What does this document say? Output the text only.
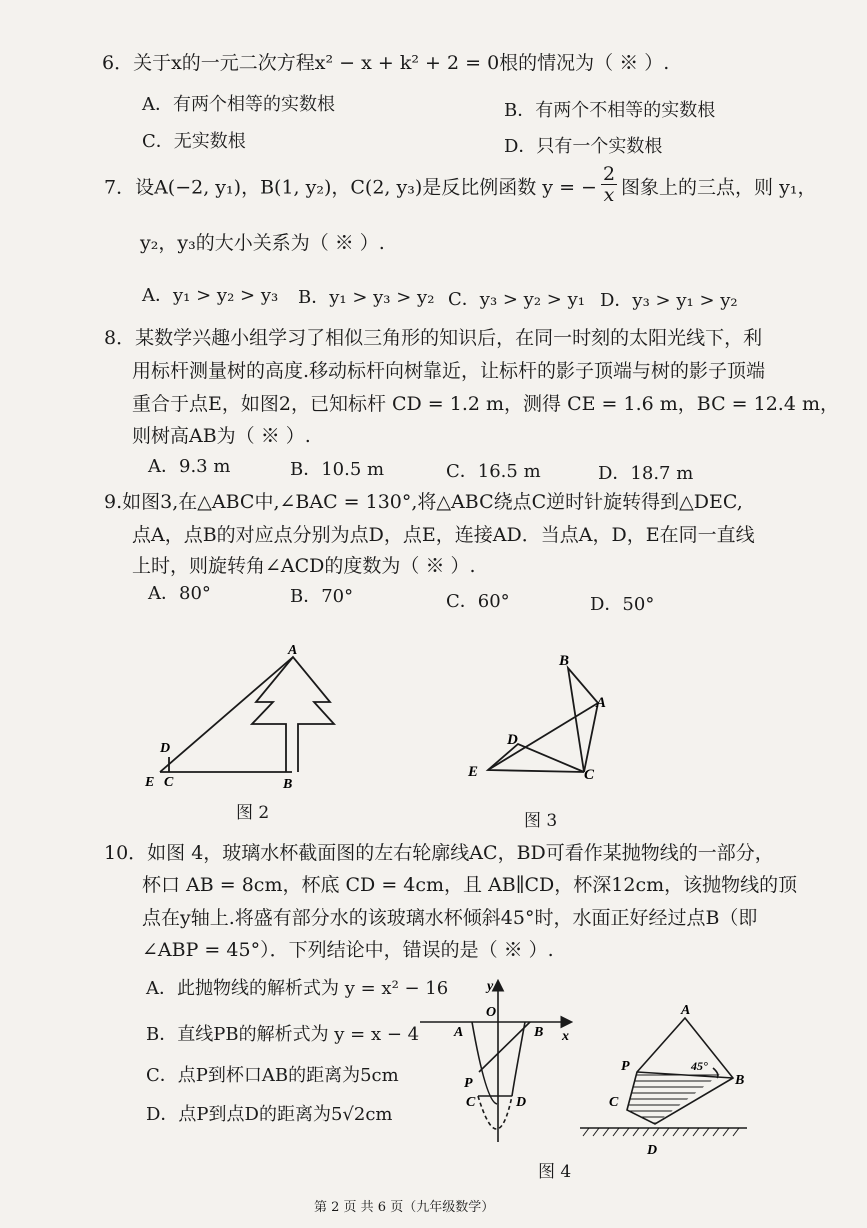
6．关于x的一元二次方程x² − x + k² + 2 = 0根的情况为（ ※ ）.
A．有两个相等的实数根	B．有两个不相等的实数根
C．无实数根	D．只有一个实数根
7．设A(−2, y₁)，B(1, y₂)，C(2, y₃)是反比例函数 y = − $\frac{2}{x}$ 图象上的三点，则 y₁，
y₂，y₃的大小关系为（ ※ ）.
A．y₁ > y₂ > y₃ B．y₁ > y₃ > y₂ C．y₃ > y₂ > y₁ D．y₃ > y₁ > y₂
8．某数学兴趣小组学习了相似三角形的知识后，在同一时刻的太阳光线下，利
用标杆测量树的高度.移动标杆向树靠近，让标杆的影子顶端与树的影子顶端
重合于点E，如图2，已知标杆 CD = 1.2 m，测得 CE = 1.6 m，BC = 12.4 m，
则树高AB为（ ※ ）.
A．9.3 m	B．10.5 m	C．16.5 m	D．18.7 m
9.如图3,在△ABC中,∠BAC = 130°,将△ABC绕点C逆时针旋转得到△DEC,
点A，点B的对应点分别为点D，点E，连接AD．当点A，D，E在同一直线
上时，则旋转角∠ACD的度数为（ ※ ）.
A．80°	B．70°	C．60°	D．50°
A
D
E C	B
图 2
B
A
D
E	C
图 3
10．如图 4，玻璃水杯截面图的左右轮廓线AC，BD可看作某抛物线的一部分，
杯口 AB = 8cm，杯底 CD = 4cm，且 AB∥CD，杯深12cm，该抛物线的顶
点在y轴上.将盛有部分水的该玻璃水杯倾斜45°时，水面正好经过点B（即
∠ABP = 45°）．下列结论中，错误的是（ ※ ）.
A．此抛物线的解析式为 y = x² − 16
B．直线PB的解析式为 y = x − 4
C．点P到杯口AB的距离为5cm
D．点P到点D的距离为5√2cm
y
O
A	B x
P
C	D
A
P	45°
B
C
D
图 4
第 2 页 共 6 页（九年级数学）
